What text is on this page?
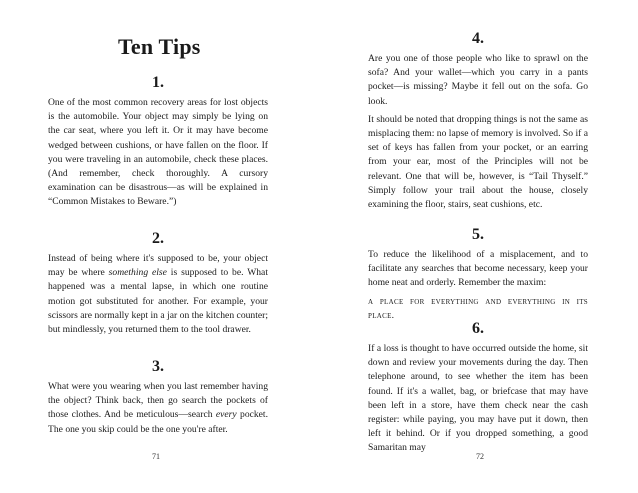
Ten Tips
1.

One of the most common recovery areas for lost objects is the automobile. Your object may simply be lying on the car seat, where you left it. Or it may have become wedged between cushions, or have fallen on the floor. If you were traveling in an automobile, check these places. (And remember, check thoroughly. A cursory examination can be disastrous—as will be explained in “Common Mistakes to Beware.”)

2.

Instead of being where it's supposed to be, your object may be where something else is supposed to be. What happened was a mental lapse, in which one routine motion got substituted for another. For example, your scissors are normally kept in a jar on the kitchen counter; but mindlessly, you returned them to the tool drawer.

3.

What were you wearing when you last remember having the object? Think back, then go search the pockets of those clothes. And be meticulous—search every pocket. The one you skip could be the one you're after.

71
4.

Are you one of those people who like to sprawl on the sofa? And your wallet—which you carry in a pants pocket—is missing? Maybe it fell out on the sofa. Go look.

It should be noted that dropping things is not the same as misplacing them: no lapse of memory is involved. So if a set of keys has fallen from your pocket, or an earring from your ear, most of the Principles will not be relevant. One that will be, however, is “Tail Thyself.” Simply follow your trail about the house, closely examining the floor, stairs, seat cushions, etc.

5.

To reduce the likelihood of a misplacement, and to facilitate any searches that become necessary, keep your home neat and orderly. Remember the maxim:

a place for everything and everything in its place.

6.

If a loss is thought to have occurred outside the home, sit down and review your movements during the day. Then telephone around, to see whether the item has been found. If it's a wallet, bag, or briefcase that may have been left in a store, have them check near the cash register: while paying, you may have put it down, then left it behind. Or if you dropped something, a good Samaritan may

72
